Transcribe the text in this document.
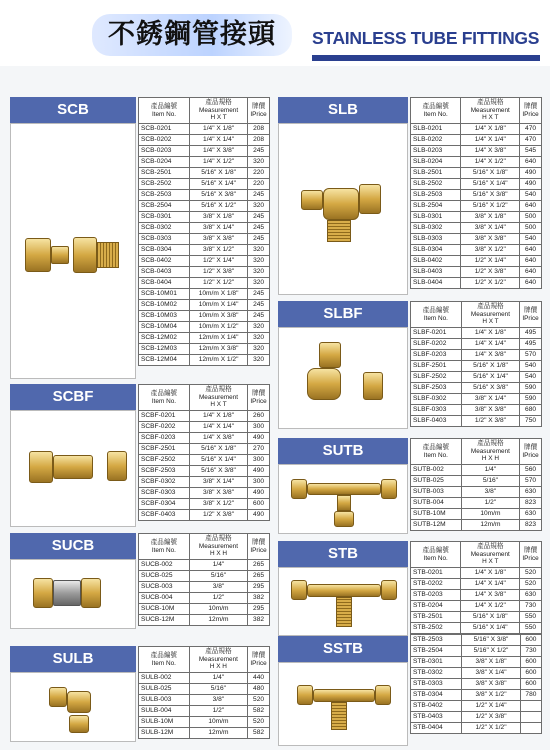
不銹鋼管接頭	STAINLESS TUBE FITTINGS
SCB	產品編號
Item No.	產品規格
Measurement
H X T	牌價
IPrice
SCB-0201	1/4" X 1/8"	208
SCB-0202	1/4" X 1/4"	208
SCB-0203	1/4" X 3/8"	245
SCB-0204	1/4" X 1/2"	320
SCB-2501	5/16" X 1/8"	220
SCB-2502	5/16" X 1/4"	220
SCB-2503	5/16" X 3/8"	245
SCB-2504	5/16" X 1/2"	320
SCB-0301	3/8" X 1/8"	245
SCB-0302	3/8" X 1/4"	245
SCB-0303	3/8" X 3/8"	245
SCB-0304	3/8" X 1/2"	320
SCB-0402	1/2" X 1/4"	320
SCB-0403	1/2" X 3/8"	320
SCB-0404	1/2" X 1/2"	320
SCB-10M01	10m/m X 1/8"	245
SCB-10M02	10m/m X 1/4"	245
SCB-10M03	10m/m X 3/8"	245
SCB-10M04	10m/m X 1/2"	320
SCB-12M02	12m/m X 1/4"	320
SCB-12M03	12m/m X 3/8"	320
SCB-12M04	12m/m X 1/2"	320
SCBF	產品編號
Item No.	產品規格
Measurement
H X T	牌價
IPrice
SCBF-0201	1/4" X 1/8"	260
SCBF-0202	1/4" X 1/4"	300
SCBF-0203	1/4" X 3/8"	490
SCBF-2501	5/16" X 1/8"	270
SCBF-2502	5/16" X 1/4"	300
SCBF-2503	5/16" X 3/8"	490
SCBF-0302	3/8" X 1/4"	300
SCBF-0303	3/8" X 3/8"	490
SCBF-0304	3/8" X 1/2"	600
SCBF-0403	1/2" X 3/8"	490
SUCB	產品編號
Item No.	產品規格
Measurement
H X H	牌價
IPrice
SUCB-002	1/4"	265
SUCB-025	5/16"	265
SUCB-003	3/8"	295
SUCB-004	1/2"	382
SUCB-10M	10m/m	295
SUCB-12M	12m/m	382
SULB	產品編號
Item No.	產品規格
Measurement
H X H	牌價
IPrice
SULB-002	1/4"	440
SULB-025	5/16"	480
SULB-003	3/8"	520
SULB-004	1/2"	582
SULB-10M	10m/m	520
SULB-12M	12m/m	582
SLB	產品編號
Item No.	產品規格
Measurement
H X T	牌價
IPrice
SLB-0201	1/4" X 1/8"	470
SLB-0202	1/4" X 1/4"	470
SLB-0203	1/4" X 3/8"	545
SLB-0204	1/4" X 1/2"	640
SLB-2501	5/16" X 1/8"	490
SLB-2502	5/16" X 1/4"	490
SLB-2503	5/16" X 3/8"	540
SLB-2504	5/16" X 1/2"	640
SLB-0301	3/8" X 1/8"	500
SLB-0302	3/8" X 1/4"	500
SLB-0303	3/8" X 3/8"	540
SLB-0304	3/8" X 1/2"	640
SLB-0402	1/2" X 1/4"	640
SLB-0403	1/2" X 3/8"	640
SLB-0404	1/2" X 1/2"	640
SLBF	產品編號
Item No.	產品規格
Measurement
H X T	牌價
IPrice
SLBF-0201	1/4" X 1/8"	495
SLBF-0202	1/4" X 1/4"	495
SLBF-0203	1/4" X 3/8"	570
SLBF-2501	5/16" X 1/8"	540
SLBF-2502	5/16" X 1/4"	540
SLBF-2503	5/16" X 3/8"	590
SLBF-0302	3/8" X 1/4"	590
SLBF-0303	3/8" X 3/8"	680
SLBF-0403	1/2" X 3/8"	750
SUTB	產品編號
Item No.	產品規格
Measurement
H X H	牌價
IPrice
SUTB-002	1/4"	560
SUTB-025	5/16"	570
SUTB-003	3/8"	630
SUTB-004	1/2"	823
SUTB-10M	10m/m	630
SUTB-12M	12m/m	823
STB	產品編號
Item No.	產品規格
Measurement
H X T	牌價
IPrice
STB-0201	1/4" X 1/8"	520
STB-0202	1/4" X 1/4"	520
STB-0203	1/4" X 3/8"	630
STB-0204	1/4" X 1/2"	730
STB-2501	5/16" X 1/8"	550
STB-2502	5/16" X 1/4"	550
SSTB
STB-2503	5/16" X 3/8"	600
STB-2504	5/16" X 1/2"	730
STB-0301	3/8" X 1/8"	600
STB-0302	3/8" X 1/4"	600
STB-0303	3/8" X 3/8"	600
STB-0304	3/8" X 1/2"	780
STB-0402	1/2" X 1/4"	
STB-0403	1/2" X 3/8"	
STB-0404	1/2" X 1/2"	
